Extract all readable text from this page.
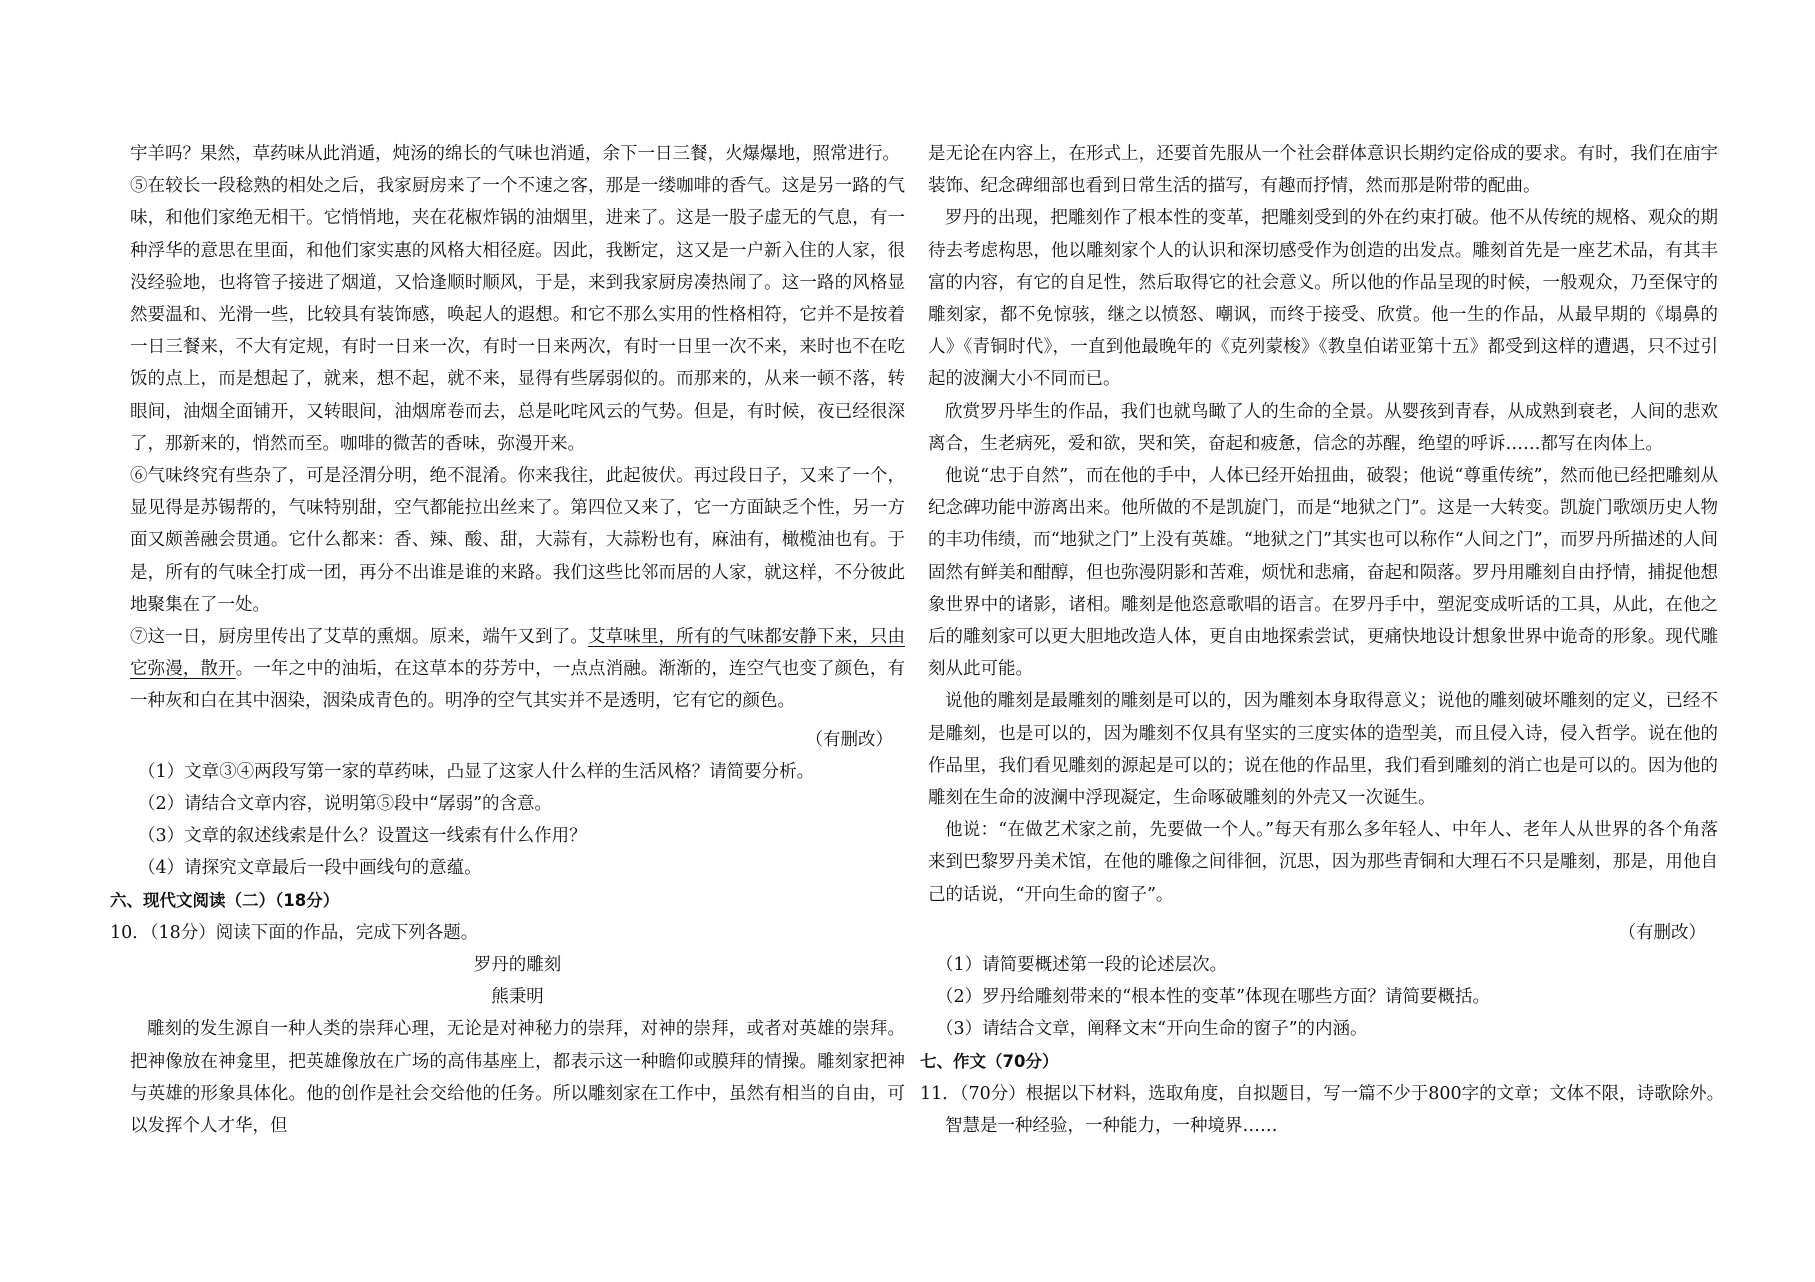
宇羊吗？果然，草药味从此消遁，炖汤的绵长的气味也消遁，余下一日三餐，火爆爆地，照常进行。
⑤在较长一段稔熟的相处之后，我家厨房来了一个不速之客，那是一缕咖啡的香气。这是另一路的气味，和他们家绝无相干。它悄悄地，夹在花椒炸锅的油烟里，进来了。这是一股子虚无的气息，有一种浮华的意思在里面，和他们家实惠的风格大相径庭。因此，我断定，这又是一户新入住的人家，很没经验地，也将管子接进了烟道，又恰逢顺时顺风，于是，来到我家厨房凑热闹了。这一路的风格显然要温和、光滑一些，比较具有装饰感，唤起人的遐想。和它不那么实用的性格相符，它并不是按着一日三餐来，不大有定规，有时一日来一次，有时一日来两次，有时一日里一次不来，来时也不在吃饭的点上，而是想起了，就来，想不起，就不来，显得有些孱弱似的。而那来的，从来一顿不落，转眼间，油烟全面铺开，又转眼间，油烟席卷而去，总是叱咤风云的气势。但是，有时候，夜已经很深了，那新来的，悄然而至。咖啡的微苦的香味，弥漫开来。
⑥气味终究有些杂了，可是泾渭分明，绝不混淆。你来我往，此起彼伏。再过段日子，又来了一个，显见得是苏锡帮的，气味特别甜，空气都能拉出丝来了。第四位又来了，它一方面缺乏个性，另一方面又颇善融会贯通。它什么都来：香、辣、酸、甜，大蒜有，大蒜粉也有，麻油有，橄榄油也有。于是，所有的气味全打成一团，再分不出谁是谁的来路。我们这些比邻而居的人家，就这样，不分彼此地聚集在了一处。
⑦这一日，厨房里传出了艾草的熏烟。原来，端午又到了。艾草味里，所有的气味都安静下来，只由它弥漫，散开。一年之中的油垢，在这草本的芬芳中，一点点消融。渐渐的，连空气也变了颜色，有一种灰和白在其中洇染，洇染成青色的。明净的空气其实并不是透明，它有它的颜色。
（有删改）
（1）文章③④两段写第一家的草药味，凸显了这家人什么样的生活风格？请简要分析。
（2）请结合文章内容，说明第⑤段中“孱弱”的含意。
（3）文章的叙述线索是什么？设置这一线索有什么作用？
（4）请探究文章最后一段中画线句的意蕴。
六、现代文阅读（二）（18分）
10．（18分）阅读下面的作品，完成下列各题。
罗丹的雕刻
熊秉明
雕刻的发生源自一种人类的崇拜心理，无论是对神秘力的崇拜，对神的崇拜，或者对英雄的崇拜。把神像放在神龛里，把英雄像放在广场的高伟基座上，都表示这一种瞻仰或膜拜的情操。雕刻家把神与英雄的形象具体化。他的创作是社会交给他的任务。所以雕刻家在工作中，虽然有相当的自由，可以发挥个人才华，但
是无论在内容上，在形式上，还要首先服从一个社会群体意识长期约定俗成的要求。有时，我们在庙宇装饰、纪念碑细部也看到日常生活的描写，有趣而抒情，然而那是附带的配曲。
罗丹的出现，把雕刻作了根本性的变革，把雕刻受到的外在约束打破。他不从传统的规格、观众的期待去考虑构思，他以雕刻家个人的认识和深切感受作为创造的出发点。雕刻首先是一座艺术品，有其丰富的内容，有它的自足性，然后取得它的社会意义。所以他的作品呈现的时候，一般观众，乃至保守的雕刻家，都不免惊骇，继之以愤怒、嘲讽，而终于接受、欣赏。他一生的作品，从最早期的《塌鼻的人》《青铜时代》，一直到他最晚年的《克列蒙梭》《教皇伯诺亚第十五》都受到这样的遭遇，只不过引起的波澜大小不同而已。
欣赏罗丹毕生的作品，我们也就鸟瞰了人的生命的全景。从婴孩到青春，从成熟到衰老，人间的悲欢离合，生老病死，爱和欲，哭和笑，奋起和疲惫，信念的苏醒，绝望的呼诉……都写在肉体上。
他说“忠于自然”，而在他的手中，人体已经开始扭曲，破裂；他说“尊重传统”，然而他已经把雕刻从纪念碑功能中游离出来。他所做的不是凯旋门，而是“地狱之门”。这是一大转变。凯旋门歌颂历史人物的丰功伟绩，而“地狱之门”上没有英雄。“地狱之门”其实也可以称作“人间之门”，而罗丹所描述的人间固然有鲜美和酣醇，但也弥漫阴影和苦难，烦忧和悲痛，奋起和陨落。罗丹用雕刻自由抒情，捕捉他想象世界中的诸影，诸相。雕刻是他恣意歌唱的语言。在罗丹手中，塑泥变成听话的工具，从此，在他之后的雕刻家可以更大胆地改造人体，更自由地探索尝试，更痛快地设计想象世界中诡奇的形象。现代雕刻从此可能。
说他的雕刻是最雕刻的雕刻是可以的，因为雕刻本身取得意义；说他的雕刻破坏雕刻的定义，已经不是雕刻，也是可以的，因为雕刻不仅具有坚实的三度实体的造型美，而且侵入诗，侵入哲学。说在他的作品里，我们看见雕刻的源起是可以的；说在他的作品里，我们看到雕刻的消亡也是可以的。因为他的雕刻在生命的波澜中浮现凝定，生命啄破雕刻的外壳又一次诞生。
他说：“在做艺术家之前，先要做一个人。”每天有那么多年轻人、中年人、老年人从世界的各个角落来到巴黎罗丹美术馆，在他的雕像之间徘徊，沉思，因为那些青铜和大理石不只是雕刻，那是，用他自己的话说，“开向生命的窗子”。
（有删改）
（1）请简要概述第一段的论述层次。
（2）罗丹给雕刻带来的“根本性的变革”体现在哪些方面？请简要概括。
（3）请结合文章，阐释文末“开向生命的窗子”的内涵。
七、作文（70分）
11．（70分）根据以下材料，选取角度，自拟题目，写一篇不少于800字的文章；文体不限，诗歌除外。
智慧是一种经验，一种能力，一种境界……
